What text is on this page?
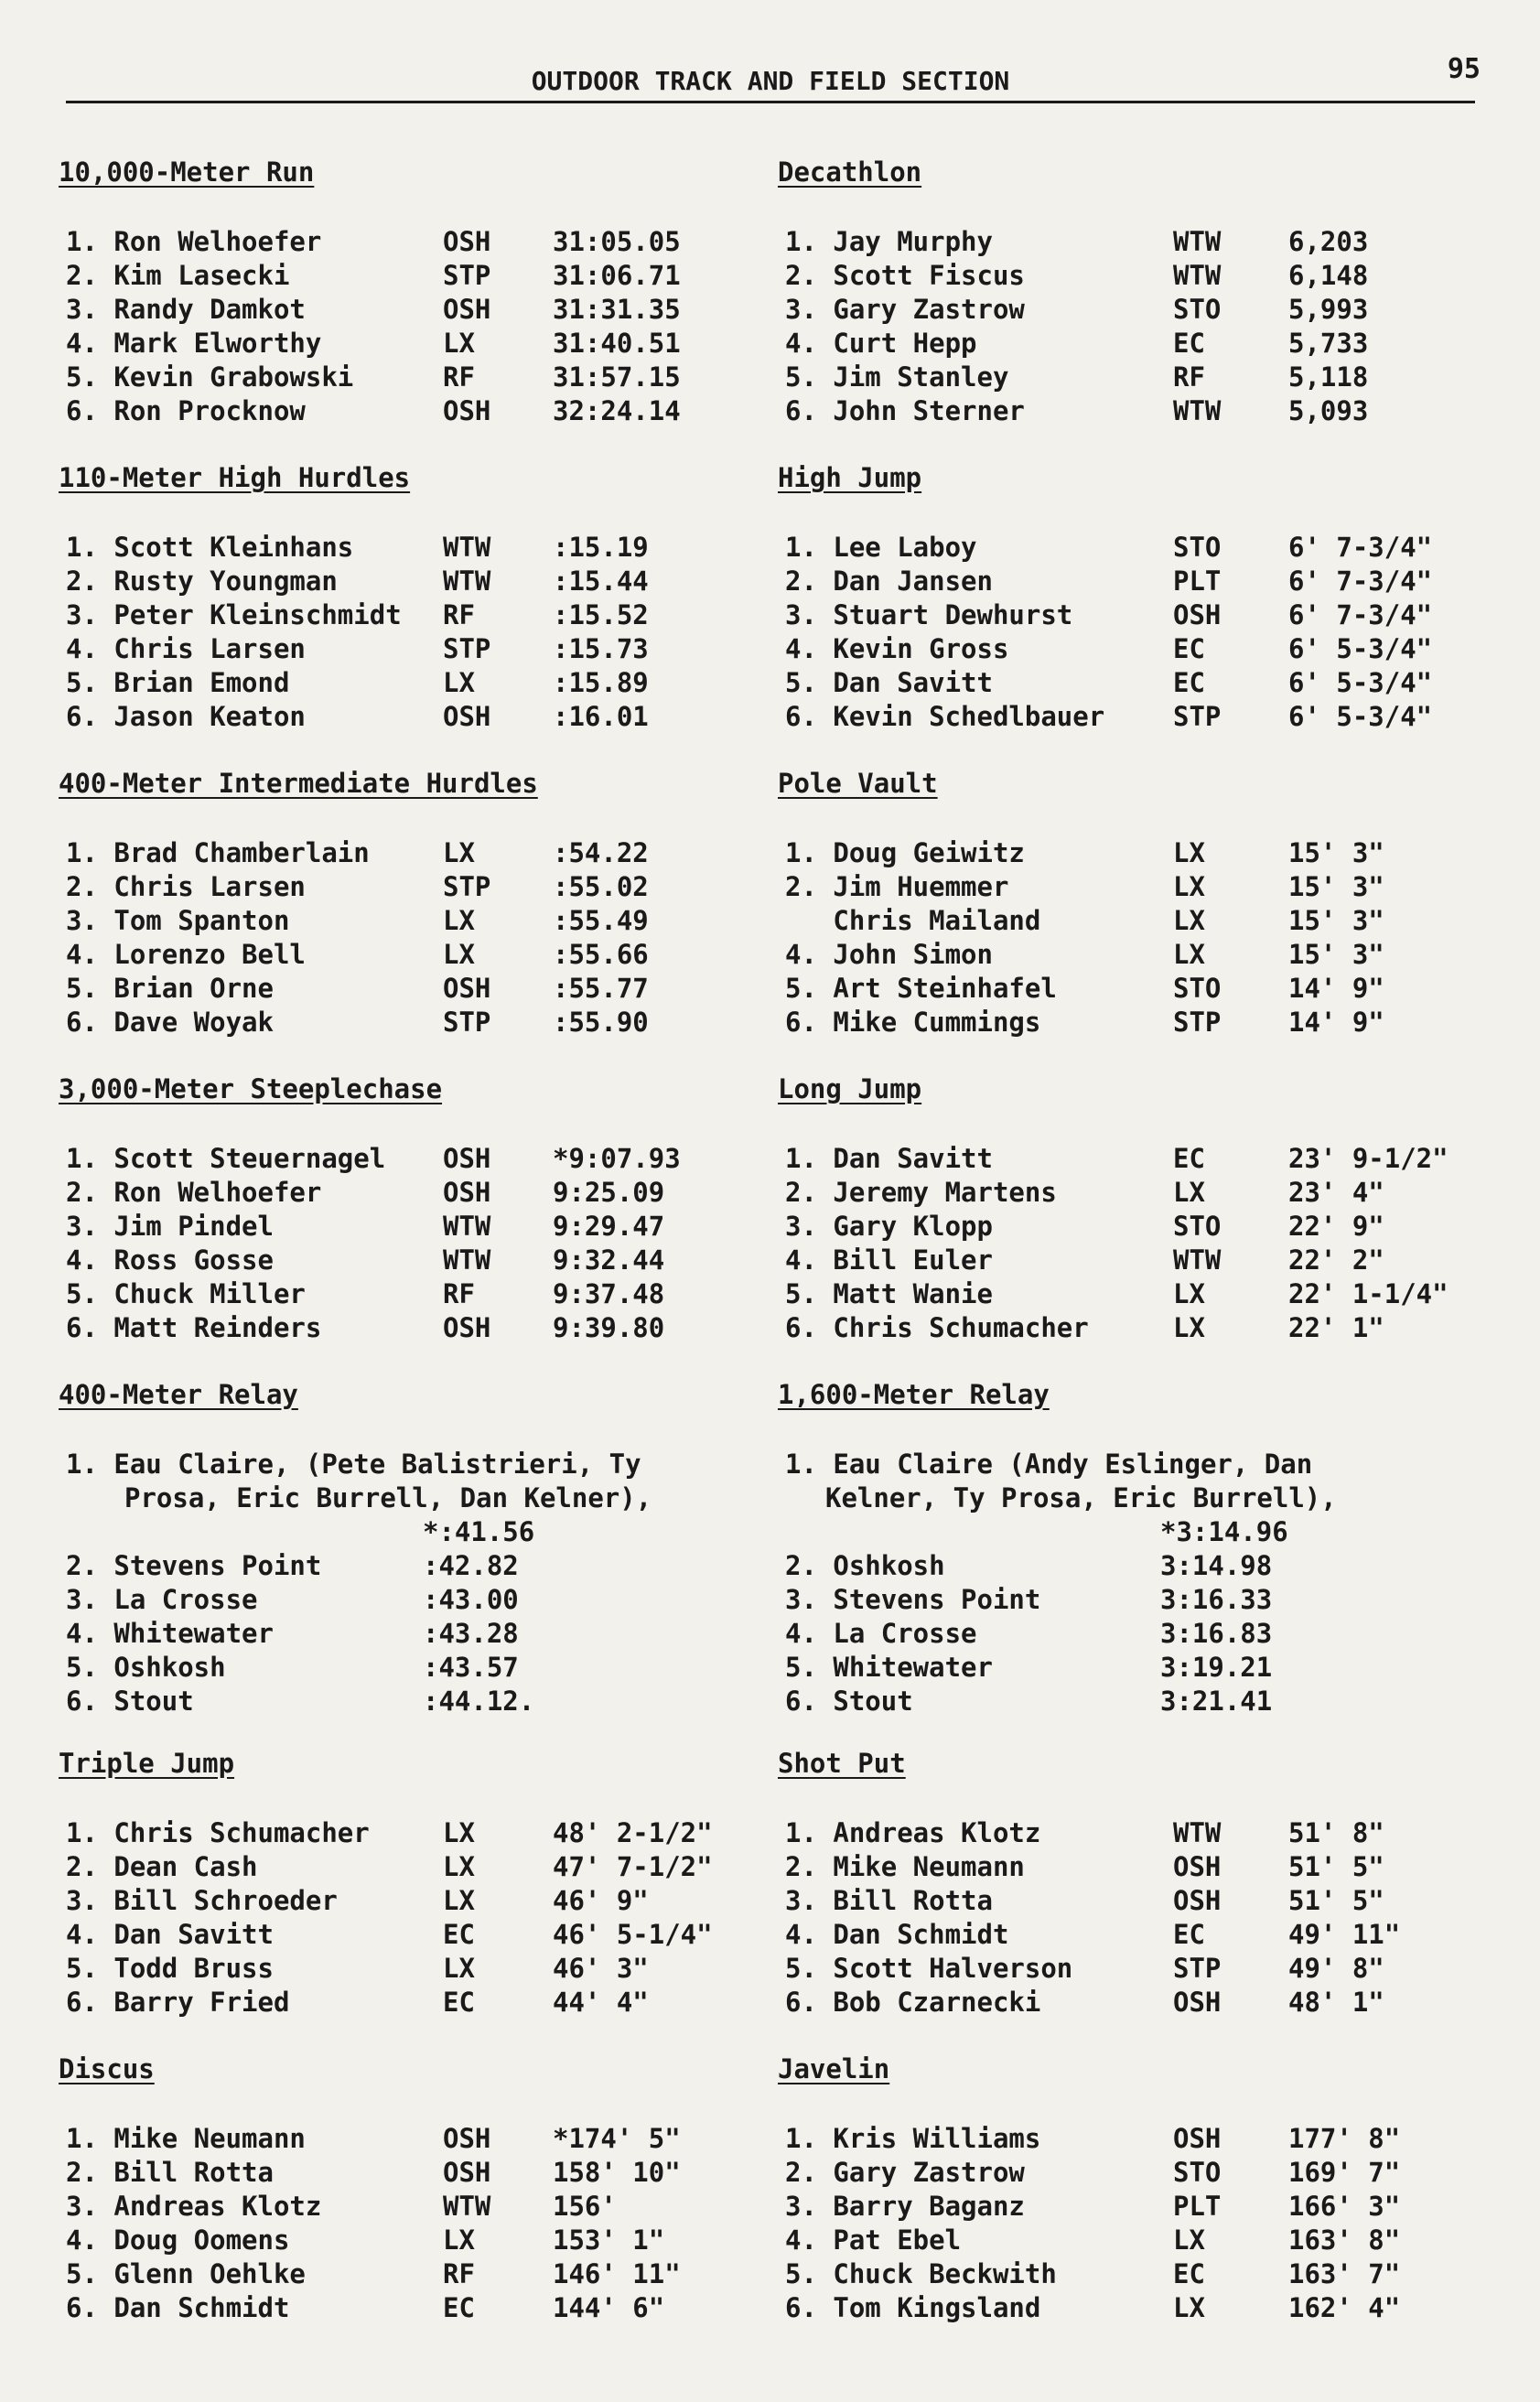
OUTDOOR TRACK AND FIELD SECTION	95
10,000-Meter Run
1. Ron Welhoefer	OSH 31:05.05
2. Kim Lasecki	STP 31:06.71
3. Randy Damkot	OSH 31:31.35
4. Mark Elworthy	LX	31:40.51
5. Kevin Grabowski	RF	31:57.15
6. Ron Procknow	OSH 32:24.14
110-Meter High Hurdles
1. Scott Kleinhans	WTW :15.19
2. Rusty Youngman	WTW :15.44
3. Peter Kleinschmidt RF	:15.52
4. Chris Larsen	STP :15.73
5. Brian Emond	LX	:15.89
6. Jason Keaton	OSH :16.01
400-Meter Intermediate Hurdles
1. Brad Chamberlain	LX	:54.22
2. Chris Larsen	STP :55.02
3. Tom Spanton	LX	:55.49
4. Lorenzo Bell	LX	:55.66
5. Brian Orne	OSH :55.77
6. Dave Woyak	STP :55.90
3,000-Meter Steeplechase
1. Scott Steuernagel OSH *9:07.93
2. Ron Welhoefer	OSH 9:25.09
3. Jim Pindel	WTW 9:29.47
4. Ross Gosse	WTW 9:32.44
5. Chuck Miller	RF	9:37.48
6. Matt Reinders	OSH 9:39.80
400-Meter Relay
1. Eau Claire, (Pete Balistrieri, Ty
Prosa, Eric Burrell, Dan Kelner),
*:41.56
2. Stevens Point	:42.82
3. La Crosse	:43.00
4. Whitewater	:43.28
5. Oshkosh	:43.57
6. Stout	:44.12.
Triple Jump
1. Chris Schumacher	LX	48' 2-1/2"
2. Dean Cash	LX	47' 7-1/2"
3. Bill Schroeder	LX	46' 9"
4. Dan Savitt	EC	46' 5-1/4"
5. Todd Bruss	LX	46' 3"
6. Barry Fried	EC	44' 4"
Discus
1. Mike Neumann	OSH *174' 5"
2. Bill Rotta	OSH 158' 10"
3. Andreas Klotz	WTW 156'
4. Doug Oomens	LX	153' 1"
5. Glenn Oehlke	RF	146' 11"
6. Dan Schmidt	EC	144' 6"
Decathlon
1. Jay Murphy	WTW	6,203
2. Scott Fiscus	WTW	6,148
3. Gary Zastrow	STO	5,993
4. Curt Hepp	EC	5,733
5. Jim Stanley	RF	5,118
6. John Sterner	WTW	5,093
High Jump
1. Lee Laboy	STO	6' 7-3/4"
2. Dan Jansen	PLT	6' 7-3/4"
3. Stuart Dewhurst	OSH	6' 7-3/4"
4. Kevin Gross	EC	6' 5-3/4"
5. Dan Savitt	EC	6' 5-3/4"
6. Kevin Schedlbauer	STP	6' 5-3/4"
Pole Vault
1. Doug Geiwitz	LX	15' 3"
2. Jim Huemmer	LX	15' 3"
Chris Mailand	LX	15' 3"
4. John Simon	LX	15' 3"
5. Art Steinhafel	STO	14' 9"
6. Mike Cummings	STP	14' 9"
Long Jump
1. Dan Savitt	EC	23' 9-1/2"
2. Jeremy Martens	LX	23' 4"
3. Gary Klopp	STO	22' 9"
4. Bill Euler	WTW	22' 2"
5. Matt Wanie	LX	22' 1-1/4"
6. Chris Schumacher	LX	22' 1"
1,600-Meter Relay
1. Eau Claire (Andy Eslinger, Dan
Kelner, Ty Prosa, Eric Burrell),
*3:14.96
2. Oshkosh	3:14.98
3. Stevens Point	3:16.33
4. La Crosse	3:16.83
5. Whitewater	3:19.21
6. Stout	3:21.41
Shot Put
1. Andreas Klotz	WTW	51' 8"
2. Mike Neumann	OSH	51' 5"
3. Bill Rotta	OSH	51' 5"
4. Dan Schmidt	EC	49' 11"
5. Scott Halverson	STP	49' 8"
6. Bob Czarnecki	OSH	48' 1"
Javelin
1. Kris Williams	OSH	177' 8"
2. Gary Zastrow	STO	169' 7"
3. Barry Baganz	PLT	166' 3"
4. Pat Ebel	LX	163' 8"
5. Chuck Beckwith	EC	163' 7"
6. Tom Kingsland	LX	162' 4"
